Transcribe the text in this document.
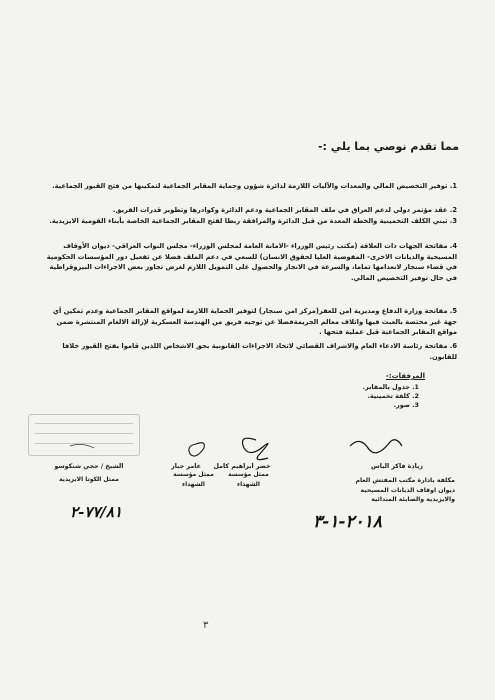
مما تقدم نوصي بما يلي :-
1. توفير التخصيص المالي والمعدات والآليات اللازمة لدائرة شؤون وحماية المقابر الجماعية لتمكينها من فتح القبور الجماعية.
2. عقد مؤتمر دولي لدعم العراق في ملف المقابر الجماعية ودعم الدائرة وكوادرها وتطوير قدرات الفريق.
3. تبني الكلف التخمينية والخطة المعدة من قبل الدائرة والمرافقة ربطا لفتح المقابر الجماعية الخاصة بأبناء القومية الايزيدية.
4. مفاتحة الجهات ذات العلاقة (مكتب رئيس الوزراء -الامانة العامة لمجلس الوزراء- مجلس النواب العراقي- ديوان الأوقاف المسيحية والديانات الاخرى- المفوضية العليا لحقوق الانسان) للسعي في دعم الملف فضلا عن تفعيل دور المؤسسات الحكومية في قضاء سنجار لانعدامها تماما، والسرعة في الانجاز والحصول على التمويل اللازم لغرض تجاوز بعض الاجراءات البيروقراطية في حال توفير التخصيص المالي.
5. مفاتحة وزارة الدفاع ومديرية امن للعفر(مركز امن سنجار) لتوفير الحماية اللازمة لمواقع المقابر الجماعية وعدم تمكين أي جهة غير مختصة بالعبث فيها واتلاف معالم الجريمةفضلا عن توجيه فريق من الهندسة العسكرية لإزالة الالغام المنتشرة ضمن مواقع المقابر الجماعية قبل عملية فتحها .
6. مفاتحة رئاسة الادعاء العام والاشراف القضائي لاتخاذ الاجراءات القانونية بحق الاشخاص اللذين قاموا بفتح القبور خلافا للقانون.
المرفقات:-
1. جدول بالمقابر.
2. كلفة تخمينية.
3. صور.
زيادة فاكر الياس
مكلفة بادارة مكتب المفتش العام
ديوان اوقاف الديانات المسيحية
والايزيدية والصابئة المندائية
خضر ابراهيم كامل
عامر جبار
ممثل مؤسسة الشهداء
ممثل مؤسسة الشهداء
الشيخ / حجي شنكوسو
ممثل الكوتا الايزيدية
٧٧/٨١-٢	٢٠١٨-١-٣
٣
